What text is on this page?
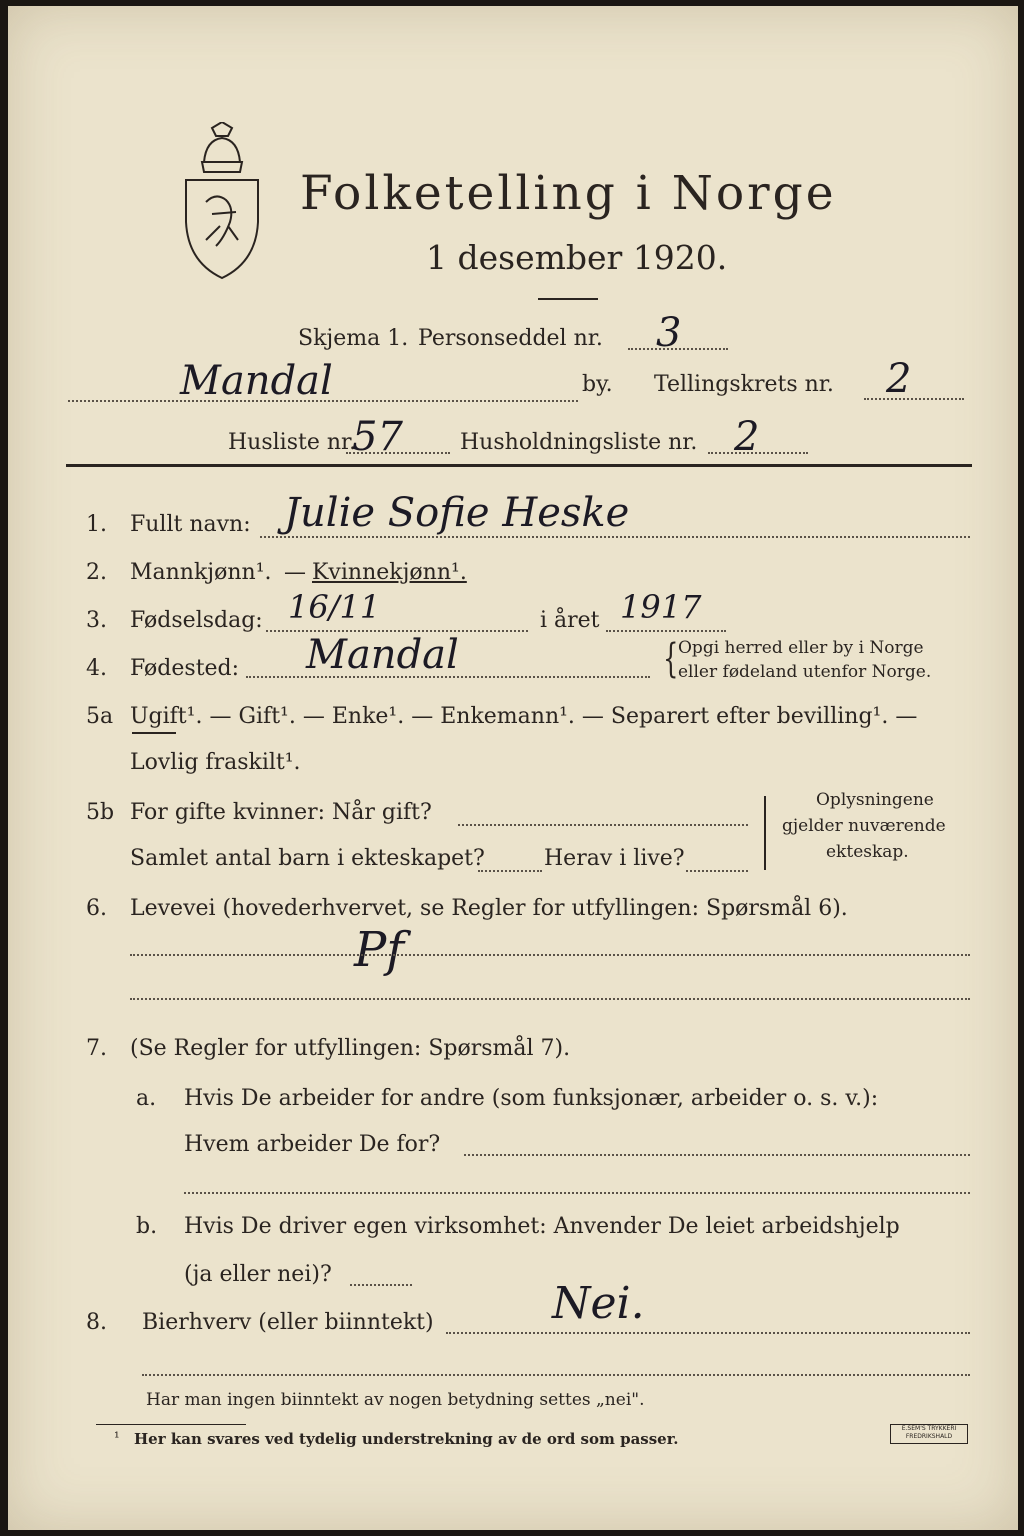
Folketelling i Norge
1 desember 1920.
Skjema 1. Personseddel nr. 3
Mandal	by. Tellingskrets nr. 2
Husliste nr.
57	Husholdningsliste nr. 2
1. Fullt navn: Julie Sofie Heske
2. Mannkjønn¹. — Kvinnekjønn¹.
3. Fødselsdag: 16/11	i året 1917
4. Fødested: Mandal	{ Opgi herred eller by i Norge
eller fødeland utenfor Norge.
5a Ugift¹. — Gift¹. — Enke¹. — Enkemann¹. — Separert efter bevilling¹. —
Lovlig fraskilt¹.
5b For gifte kvinner: Når gift?
Samlet antal barn i ekteskapet?	Herav i live?
Oplysningene
gjelder nuværende
ekteskap.
6. Levevei (hovederhvervet, se Regler for utfyllingen: Spørsmål 6).
Pf
7. (Se Regler for utfyllingen: Spørsmål 7).
a. Hvis De arbeider for andre (som funksjonær, arbeider o. s. v.):
Hvem arbeider De for?
b. Hvis De driver egen virksomhet: Anvender De leiet arbeidshjelp
(ja eller nei)?
8. Bierhverv (eller biinntekt)	Nei.
Har man ingen biinntekt av nogen betydning settes „nei".
¹ Her kan svares ved tydelig understrekning av de ord som passer.
E.SEM'S TRYKKERI FREDRIKSHALD
